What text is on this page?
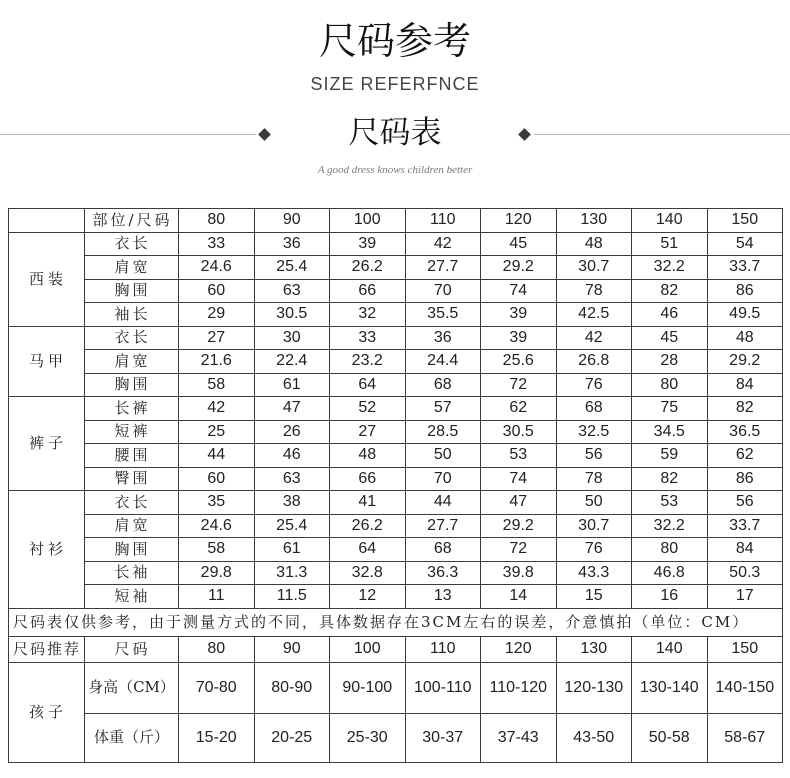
尺码参考
SIZE REFERFNCE
尺码表
A good dress knows children better
	部位/尺码	80	90	100	110	120	130	140	150
西装	衣长	33	36	39	42	45	48	51	54
	肩宽	24.6	25.4	26.2	27.7	29.2	30.7	32.2	33.7
	胸围	60	63	66	70	74	78	82	86
	袖长	29	30.5	32	35.5	39	42.5	46	49.5
马甲	衣长	27	30	33	36	39	42	45	48
	肩宽	21.6	22.4	23.2	24.4	25.6	26.8	28	29.2
	胸围	58	61	64	68	72	76	80	84
裤子	长裤	42	47	52	57	62	68	75	82
	短裤	25	26	27	28.5	30.5	32.5	34.5	36.5
	腰围	44	46	48	50	53	56	59	62
	臀围	60	63	66	70	74	78	82	86
衬衫	衣长	35	38	41	44	47	50	53	56
	肩宽	24.6	25.4	26.2	27.7	29.2	30.7	32.2	33.7
	胸围	58	61	64	68	72	76	80	84
	长袖	29.8	31.3	32.8	36.3	39.8	43.3	46.8	50.3
	短袖	11	11.5	12	13	14	15	16	17
尺码表仅供参考，由于测量方式的不同，具体数据存在3CM左右的误差，介意慎拍（单位：CM）									
尺码推荐	尺码	80	90	100	110	120	130	140	150
孩子	身高（CM）	70-80	80-90	90-100	100-110	110-120	120-130	130-140	140-150
	体重（斤）	15-20	20-25	25-30	30-37	37-43	43-50	50-58	58-67
